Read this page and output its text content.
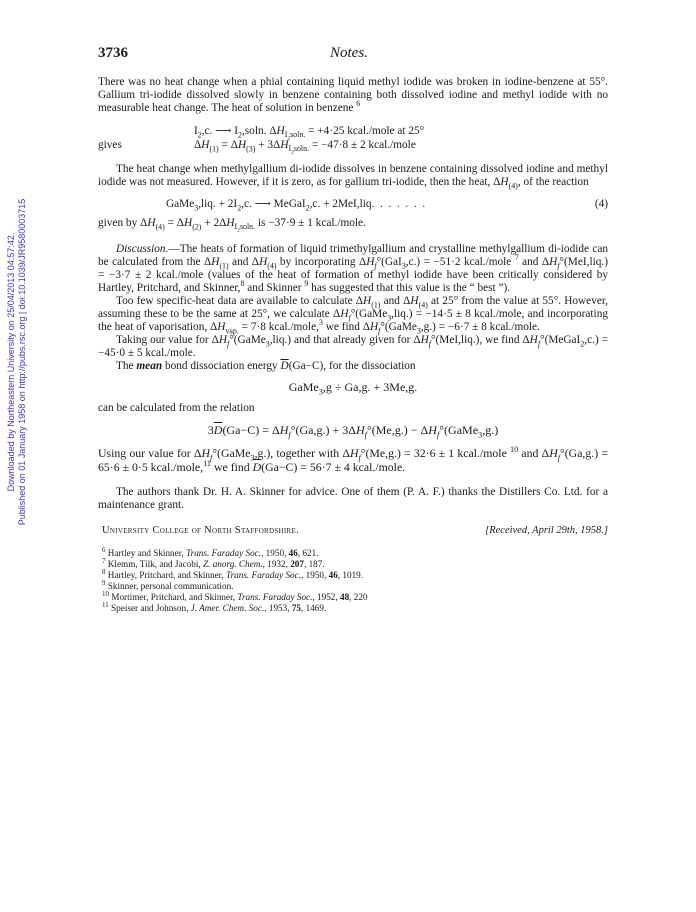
Downloaded by Northeastern University on 25/04/2013 04:57:42. Published on 01 January 1958 on http://pubs.rsc.org | doi:10.1039/JR9580003715
3736	Notes.

There was no heat change when a phial containing liquid methyl iodide was broken in iodine-benzene at 55°. Gallium tri-iodide dissolved slowly in benzene containing both dissolved iodine and methyl iodide with no measurable heat change. The heat of solution in benzene $^6$

$I_2,c$. ⟶ $I_2,soln$. $\Delta H_{I_2soln.} = +4\cdot 25$ kcal./mole at 25°
gives	$\Delta H_{(1)} = \Delta H_{(3)} + 3\Delta H_{I_2soln.} = -47\cdot 8 \pm 2$ kcal./mole

The heat change when methylgallium di-iodide dissolves in benzene containing dissolved iodine and methyl iodide was not measured. However, if it is zero, as for gallium tri-iodide, then the heat, $\Delta H_{(4)}$, of the reaction

GaMe$_3$,liq. + $2I_2,c$. ⟶ MeGaI$_2$,c. + 2MeI,liq.  .  .  .  .  .  .	(4)

given by $\Delta H_{(4)} = \Delta H_{(2)} + 2\Delta H_{I_2soln.}$ is −37·9 ± 1 kcal./mole.

Discussion.—The heats of formation of liquid trimethylgallium and crystalline methylgallium di-iodide can be calculated from the $\Delta H_{(1)}$ and $\Delta H_{(4)}$ by incorporating $\Delta H_f^\circ(GaI_3,c.) = -51\cdot 2$ kcal./mole $^7$ and $\Delta H_f^\circ(MeI,liq.) = -3\cdot 7 \pm 2$ kcal./mole (values of the heat of formation of methyl iodide have been critically considered by Hartley, Pritchard, and Skinner,$^8$ and Skinner $^9$ has suggested that this value is the “ best ”).

Too few specific-heat data are available to calculate $\Delta H_{(1)}$ and $\Delta H_{(4)}$ at 25° from the value at 55°. However, assuming these to be the same at 25°, we calculate $\Delta H_f^\circ(GaMe_3,liq.) = -14\cdot 5 \pm 8$ kcal./mole, and incorporating the heat of vaporisation, $\Delta H_{vap.} = 7\cdot 8$ kcal./mole,$^3$ we find $\Delta H_f^\circ(GaMe_3,g.) = -6\cdot 7 \pm 8$ kcal./mole.

Taking our value for $\Delta H_f^\circ(GaMe_3,liq.)$ and that already given for $\Delta H_f^\circ(MeI,liq.)$, we find $\Delta H_f^\circ(MeGaI_2,c.) = -45\cdot 0 \pm 5$ kcal./mole.

The mean bond dissociation energy $\overline{D}(Ga-C)$, for the dissociation

GaMe$_3$,g ÷ Ga,g. + 3Me,g.

can be calculated from the relation

$3\overline{D}(Ga-C) = \Delta H_f^\circ(Ga,g.) + 3\Delta H_f^\circ(Me,g.)$ − $\Delta H_f^\circ(GaMe_3,g.)$

Using our value for $\Delta H_f^\circ(GaMe_3,g.)$, together with $\Delta H_f^\circ(Me,g.) = 32\cdot 6 \pm 1$ kcal./mole $^{10}$ and $\Delta H_f^\circ(Ga,g.) = 65\cdot 6 \pm 0\cdot 5$ kcal./mole,$^{11}$ we find $\overline{D}(Ga-C) = 56\cdot 7 \pm 4$ kcal./mole.

The authors thank Dr. H. A. Skinner for advice. One of them (P. A. F.) thanks the Distillers Co. Ltd. for a maintenance grant.

University College of North Staffordshire.	[Received, April 29th, 1958.]

$^6$ Hartley and Skinner, Trans. Faraday Soc., 1950, 46, 621.

$^7$ Klemm, Tilk, and Jacobi, Z. anorg. Chem., 1932, 207, 187.

$^8$ Hartley, Pritchard, and Skinner, Trans. Faraday Soc., 1950, 46, 1019.

$^9$ Skinner, personal communication.

$^{10}$ Mortimer, Pritchard, and Skinner, Trans. Faraday Soc., 1952, 48, 220

$^{11}$ Speiser and Johnson, J. Amer. Chem. Soc., 1953, 75, 1469.
